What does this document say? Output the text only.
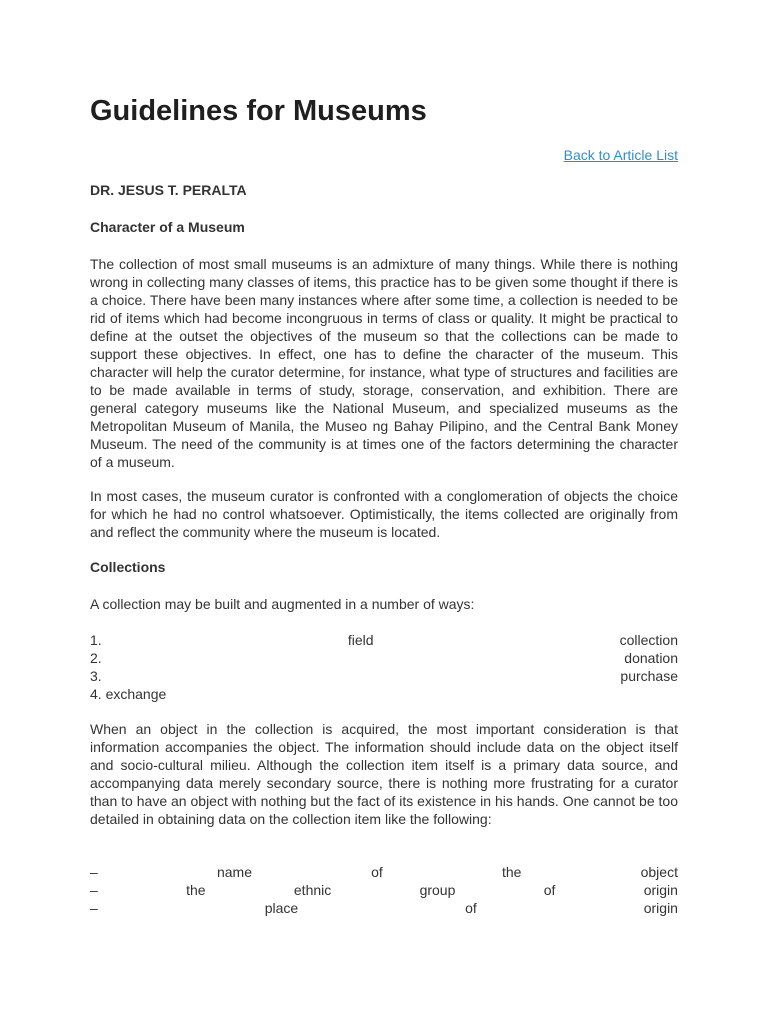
Guidelines for Museums
Back to Article List
DR. JESUS T. PERALTA
Character of a Museum

The collection of most small museums is an admixture of many things. While there is nothing wrong in collecting many classes of items, this practice has to be given some thought if there is a choice. There have been many instances where after some time, a collection is needed to be rid of items which had become incongruous in terms of class or quality. It might be practical to define at the outset the objectives of the museum so that the collections can be made to support these objectives. In effect, one has to define the character of the museum. This character will help the curator determine, for instance, what type of structures and facilities are to be made available in terms of study, storage, conservation, and exhibition. There are general category museums like the National Museum, and specialized museums as the Metropolitan Museum of Manila, the Museo ng Bahay Pilipino, and the Central Bank Money Museum. The need of the community is at times one of the factors determining the character of a museum.

In most cases, the museum curator is confronted with a conglomeration of objects the choice for which he had no control whatsoever. Optimistically, the items collected are originally from and reflect the community where the museum is located.

Collections

A collection may be built and augmented in a number of ways:

1.	field	collection
2.	donation
3.	purchase
4. exchange

When an object in the collection is acquired, the most important consideration is that information accompanies the object. The information should include data on the object itself and socio-cultural milieu. Although the collection item itself is a primary data source, and accompanying data merely secondary source, there is nothing more frustrating for a curator than to have an object with nothing but the fact of its existence in his hands. One cannot be too detailed in obtaining data on the collection item like the following:

–	name	of	the	object
–	the	ethnic	group	of	origin
–	place	of	origin
